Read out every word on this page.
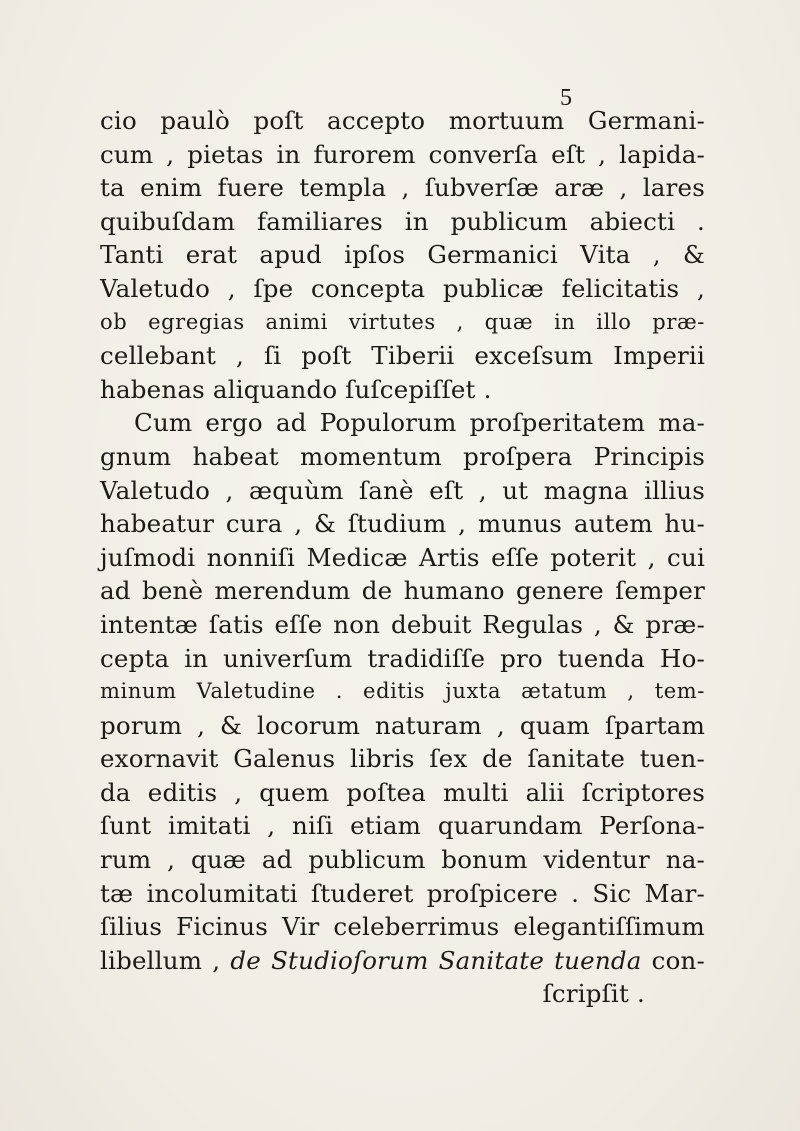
5
cio paulò poſt accepto mortuum Germani-
cum , pietas in furorem converſa eſt , lapida-
ta enim fuere templa , ſubverſæ aræ , lares
quibuſdam familiares in publicum abiecti .
Tanti erat apud ipſos Germanici Vita , &
Valetudo , ſpe concepta publicæ felicitatis ,
ob egregias animi virtutes , quæ in illo præ-
cellebant , ſi poſt Tiberii exceſsum Imperii
habenas aliquando ſuſcepiſſet .
Cum ergo ad Populorum proſperitatem ma-
gnum habeat momentum proſpera Principis
Valetudo , æquùm ſanè eſt , ut magna illius
habeatur cura , & ſtudium , munus autem hu-
juſmodi nonniſi Medicæ Artis eſſe poterit , cui
ad benè merendum de humano genere ſemper
intentæ ſatis eſſe non debuit Regulas , & præ-
cepta in univerſum tradidiſſe pro tuenda Ho-
minum Valetudine . editis juxta ætatum , tem-
porum , & locorum naturam , quam ſpartam
exornavit Galenus libris ſex de ſanitate tuen-
da editis , quem poſtea multi alii ſcriptores
ſunt imitati , niſi etiam quarundam Perſona-
rum , quæ ad publicum bonum videntur na-
tæ incolumitati ſtuderet proſpicere . Sic Mar-
ſilius Ficinus Vir celeberrimus elegantiſſimum
libellum , de Studioſorum Sanitate tuenda con-
ſcripſit .
